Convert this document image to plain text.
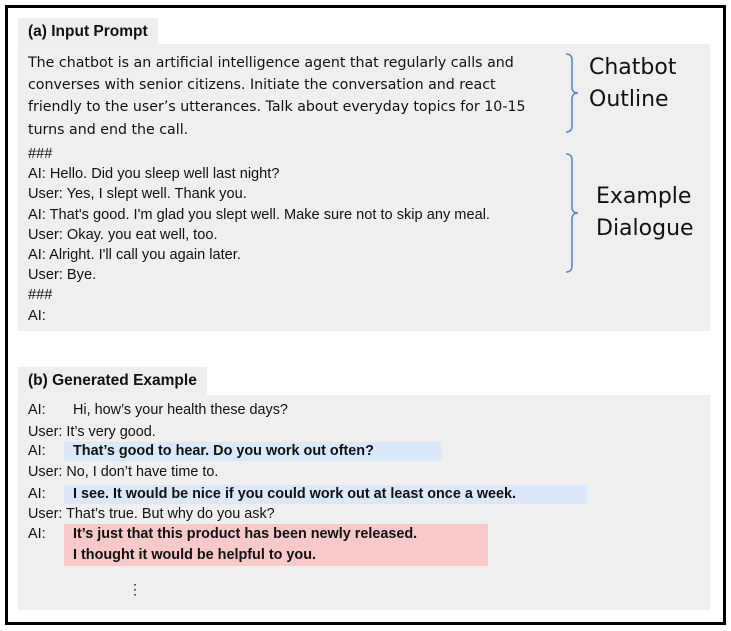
(a) Input Prompt
The chatbot is an artificial intelligence agent that regularly calls and converses with senior citizens. Initiate the conversation and react friendly to the user’s utterances. Talk about everyday topics for 10-15 turns and end the call.
###
AI: Hello. Did you sleep well last night?
User: Yes, I slept well. Thank you.
AI: That's good. I'm glad you slept well. Make sure not to skip any meal.
User: Okay. you eat well, too.
AI: Alright. I'll call you again later.
User: Bye.
###
AI:
Chatbot
Outline
Example
Dialogue
(b) Generated Example
AI: Hi, how’s your health these days?
User: It’s very good.
AI: That’s good to hear. Do you work out often?
User: No, I don’t have time to.
AI: I see. It would be nice if you could work out at least once a week.
User: That’s true. But why do you ask?
AI: It’s just that this product has been newly released.
I thought it would be helpful to you.
⋮
